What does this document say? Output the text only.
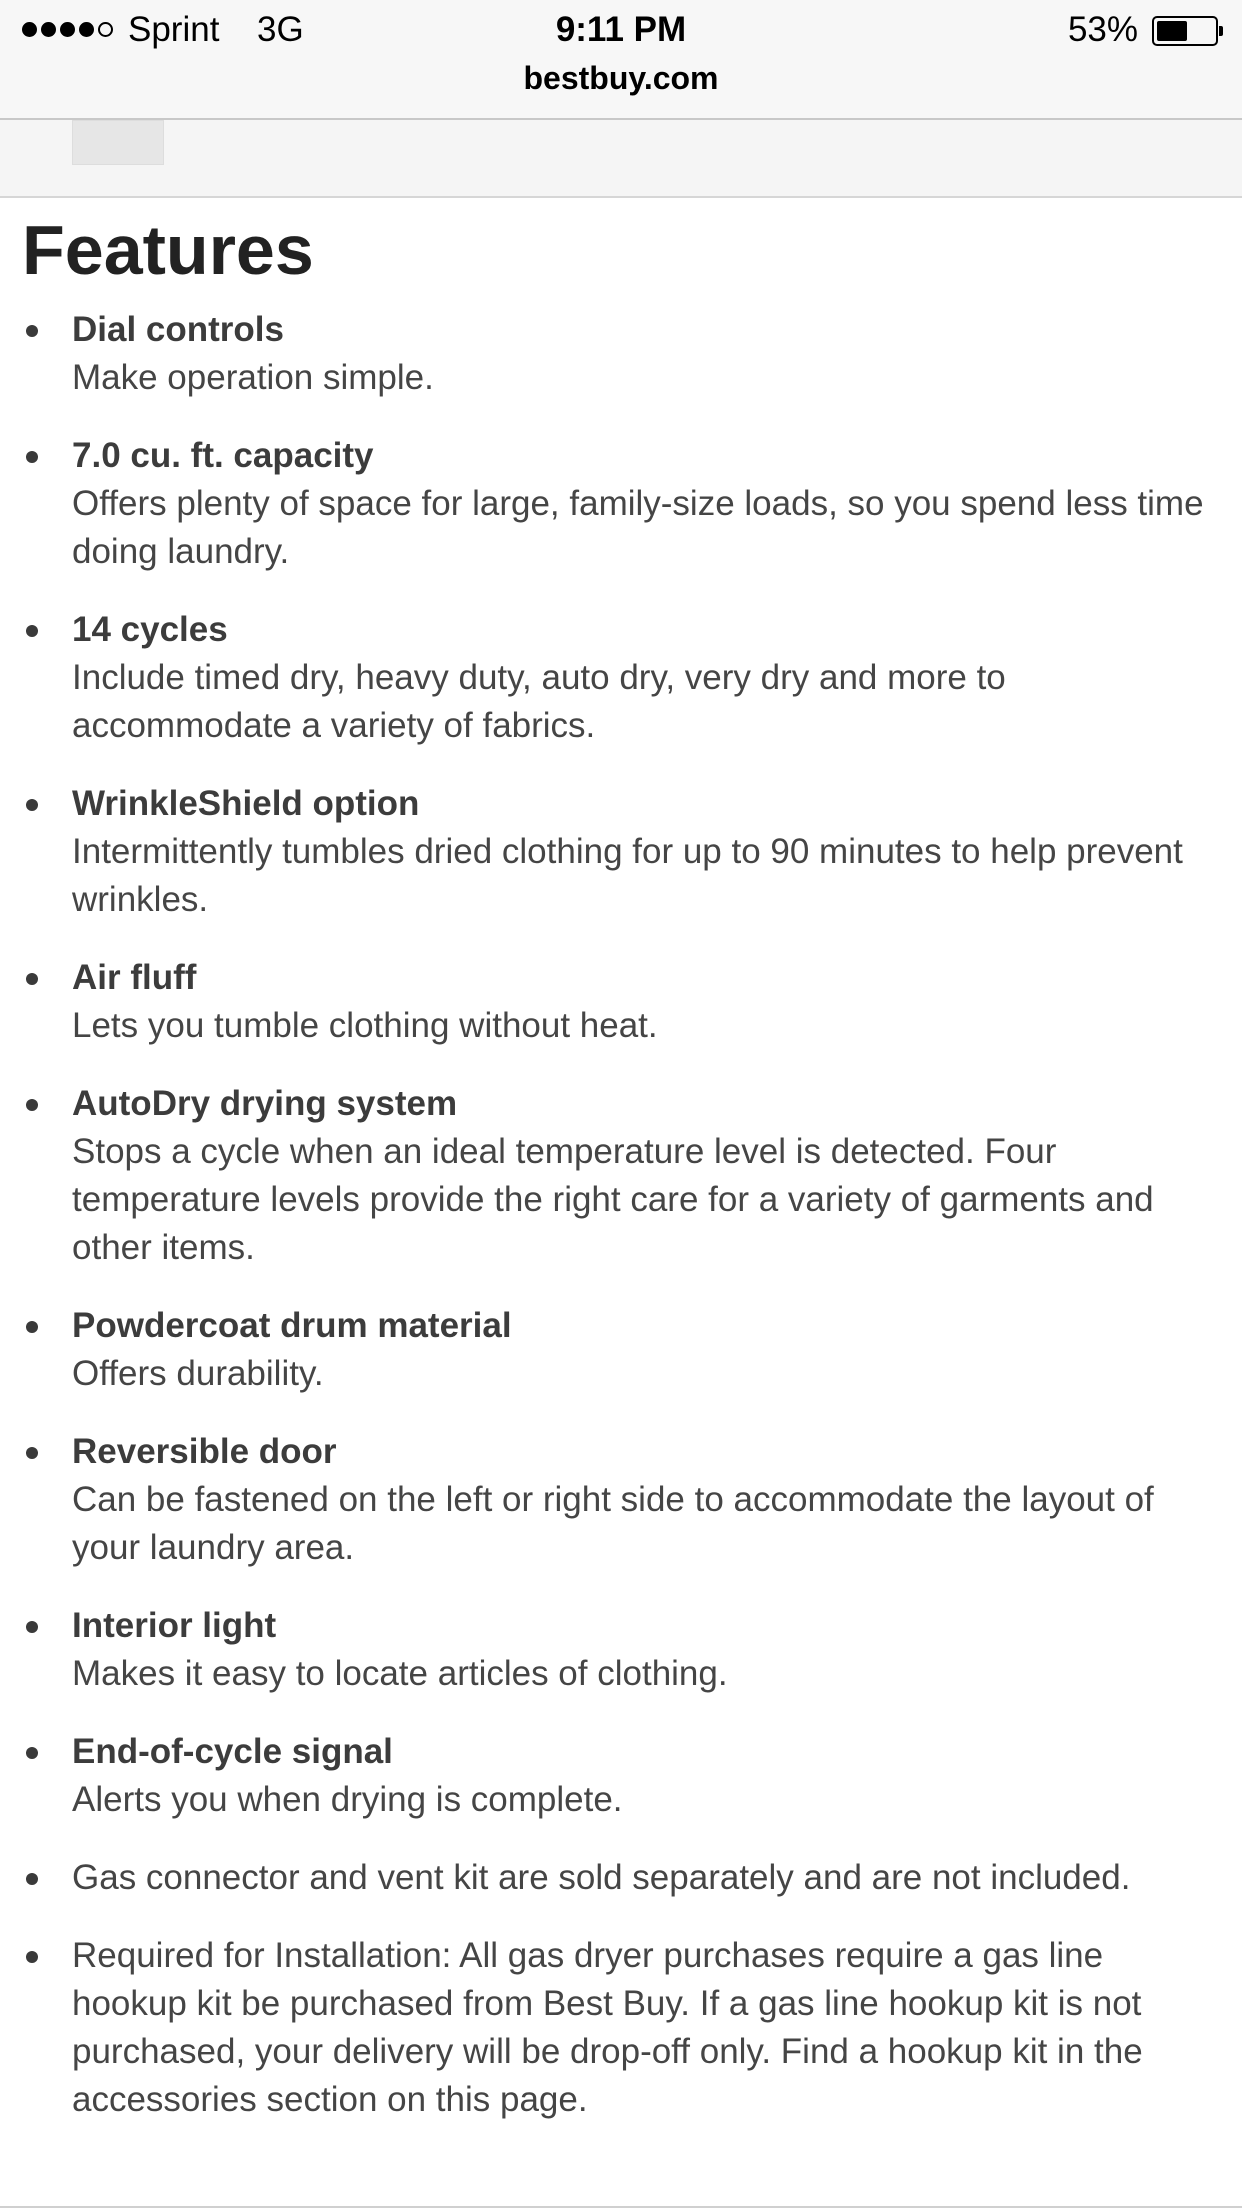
Sprint 3G	9:11 PM	53%
bestbuy.com
Features
Dial controls
Make operation simple.
7.0 cu. ft. capacity
Offers plenty of space for large, family-size loads, so you spend less time doing laundry.
14 cycles
Include timed dry, heavy duty, auto dry, very dry and more to accommodate a variety of fabrics.
WrinkleShield option
Intermittently tumbles dried clothing for up to 90 minutes to help prevent wrinkles.
Air fluff
Lets you tumble clothing without heat.
AutoDry drying system
Stops a cycle when an ideal temperature level is detected. Four temperature levels provide the right care for a variety of garments and other items.
Powdercoat drum material
Offers durability.
Reversible door
Can be fastened on the left or right side to accommodate the layout of your laundry area.
Interior light
Makes it easy to locate articles of clothing.
End-of-cycle signal
Alerts you when drying is complete.
Gas connector and vent kit are sold separately and are not included.
Required for Installation: All gas dryer purchases require a gas line hookup kit be purchased from Best Buy. If a gas line hookup kit is not purchased, your delivery will be drop-off only. Find a hookup kit in the accessories section on this page.
